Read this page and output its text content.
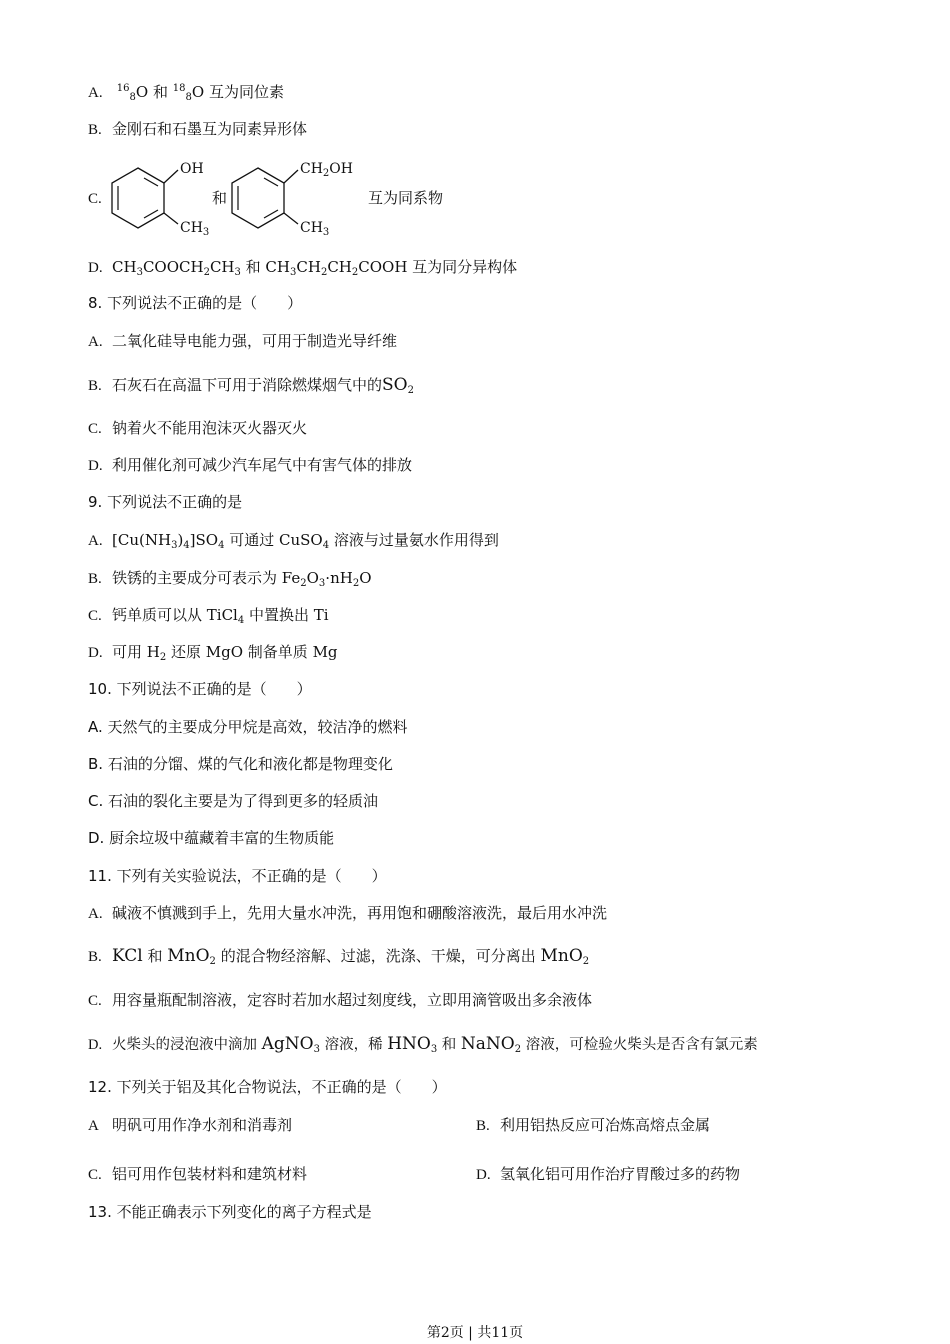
A. $^{16}_8$O 和 $^{18}_8$O 互为同位素
B. 金刚石和石墨互为同素异形体
C.
OH
$CH_3$
和
$CH_2OH$
$CH_3$
互为同系物
D. $CH_3COOCH_2CH_3$ 和 $CH_3CH_2CH_2COOH$ 互为同分异构体
8. 下列说法不正确的是（　　）
A. 二氧化硅导电能力强，可用于制造光导纤维
B. 石灰石在高温下可用于消除燃煤烟气中的$SO_2$
C. 钠着火不能用泡沫灭火器灭火
D. 利用催化剂可减少汽车尾气中有害气体的排放
9. 下列说法不正确的是
A. $[Cu(NH_3)_4]SO_4$ 可通过 CuSO$_4$ 溶液与过量氨水作用得到
B. 铁锈的主要成分可表示为 $Fe_2O_3\cdot nH_2O$
C. 钙单质可以从 TiCl$_4$ 中置换出 Ti
D. 可用 $H_2$ 还原 MgO 制备单质 Mg
10. 下列说法不正确的是（　　）
A. 天然气的主要成分甲烷是高效，较洁净的燃料
B. 石油的分馏、煤的气化和液化都是物理变化
C. 石油的裂化主要是为了得到更多的轻质油
D. 厨余垃圾中蕴藏着丰富的生物质能
11. 下列有关实验说法，不正确的是（　　）
A. 碱液不慎溅到手上，先用大量水冲洗，再用饱和硼酸溶液洗，最后用水冲洗
B. KCl 和 MnO$_2$ 的混合物经溶解、过滤，洗涤、干燥，可分离出 MnO$_2$
C. 用容量瓶配制溶液，定容时若加水超过刻度线，立即用滴管吸出多余液体
D. 火柴头的浸泡液中滴加 AgNO$_3$ 溶液，稀 $HNO_3$ 和 NaNO$_2$ 溶液，可检验火柴头是否含有氯元素
12. 下列关于铝及其化合物说法，不正确的是（　　）
A 明矾可用作净水剂和消毒剂	B. 利用铝热反应可冶炼高熔点金属
C. 铝可用作包装材料和建筑材料	D. 氢氧化铝可用作治疗胃酸过多的药物
13. 不能正确表示下列变化的离子方程式是
第2页 | 共11页
